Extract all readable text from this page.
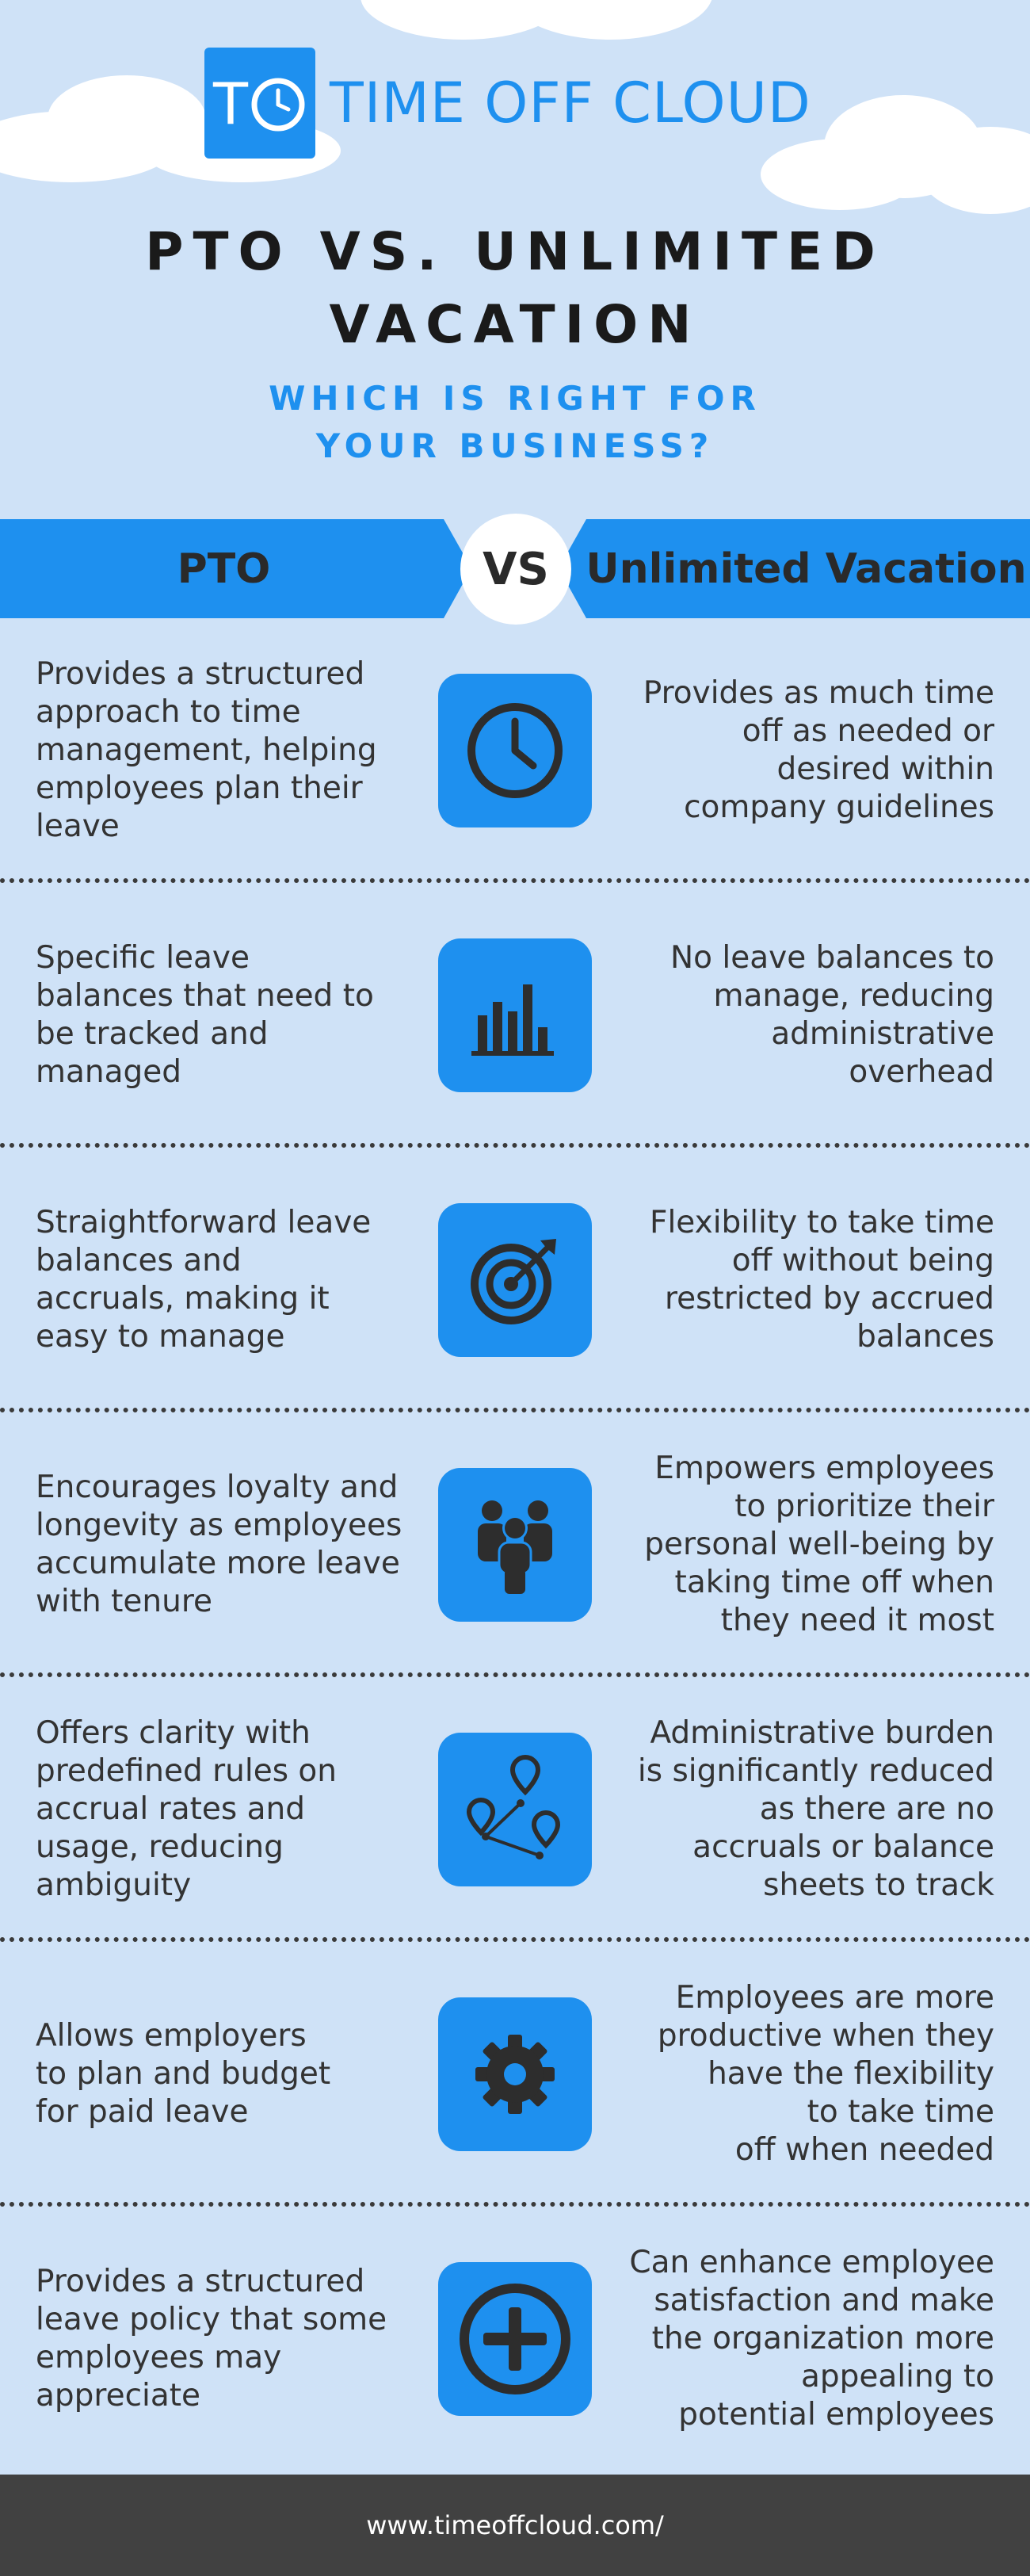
T TIME OFF CLOUD
PTO VS. UNLIMITED
VACATION
WHICH IS RIGHT FOR
YOUR BUSINESS?
PTO	Unlimited Vacation
VS
Provides a structured
approach to time
management, helping
employees plan their
leave
Provides as much time
off as needed or
desired within
company guidelines
Specific leave
balances that need to
be tracked and
managed
No leave balances to
manage, reducing
administrative
overhead
Straightforward leave
balances and
accruals, making it
easy to manage
Flexibility to take time
off without being
restricted by accrued
balances
Encourages loyalty and
longevity as employees
accumulate more leave
with tenure
Empowers employees
to prioritize their
personal well-being by
taking time off when
they need it most
Offers clarity with
predefined rules on
accrual rates and
usage, reducing
ambiguity
Administrative burden
is significantly reduced
as there are no
accruals or balance
sheets to track
Allows employers
to plan and budget
for paid leave
Employees are more
productive when they
have the flexibility
to take time
off when needed
Provides a structured
leave policy that some
employees may
appreciate
Can enhance employee
satisfaction and make
the organization more
appealing to
potential employees
www.timeoffcloud.com/
